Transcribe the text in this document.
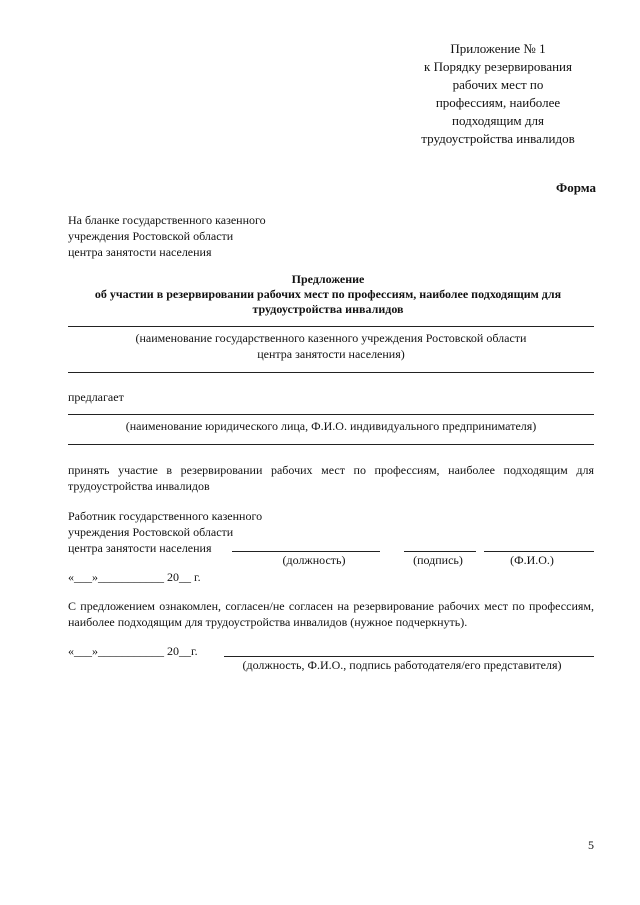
Приложение № 1
к Порядку резервирования
рабочих мест по
профессиям, наиболее
подходящим для
трудоустройства инвалидов
Форма
На бланке государственного казенного
учреждения Ростовской области
центра занятости населения
Предложение
об участии в резервировании рабочих мест по профессиям, наиболее подходящим для
трудоустройства инвалидов
(наименование государственного казенного учреждения Ростовской области
центра занятости населения)
предлагает
(наименование юридического лица, Ф.И.О. индивидуального предпринимателя)
принять участие в резервировании рабочих мест по профессиям, наиболее подходящим для трудоустройства инвалидов
Работник государственного казенного
учреждения Ростовской области
центра занятости населения
(должность)	(подпись)	(Ф.И.О.)
«___»___________ 20__ г.
С предложением ознакомлен, согласен/не согласен на резервирование рабочих мест по профессиям, наиболее подходящим для трудоустройства инвалидов (нужное подчеркнуть).
«___»___________ 20__г.
(должность, Ф.И.О., подпись работодателя/его представителя)
5
